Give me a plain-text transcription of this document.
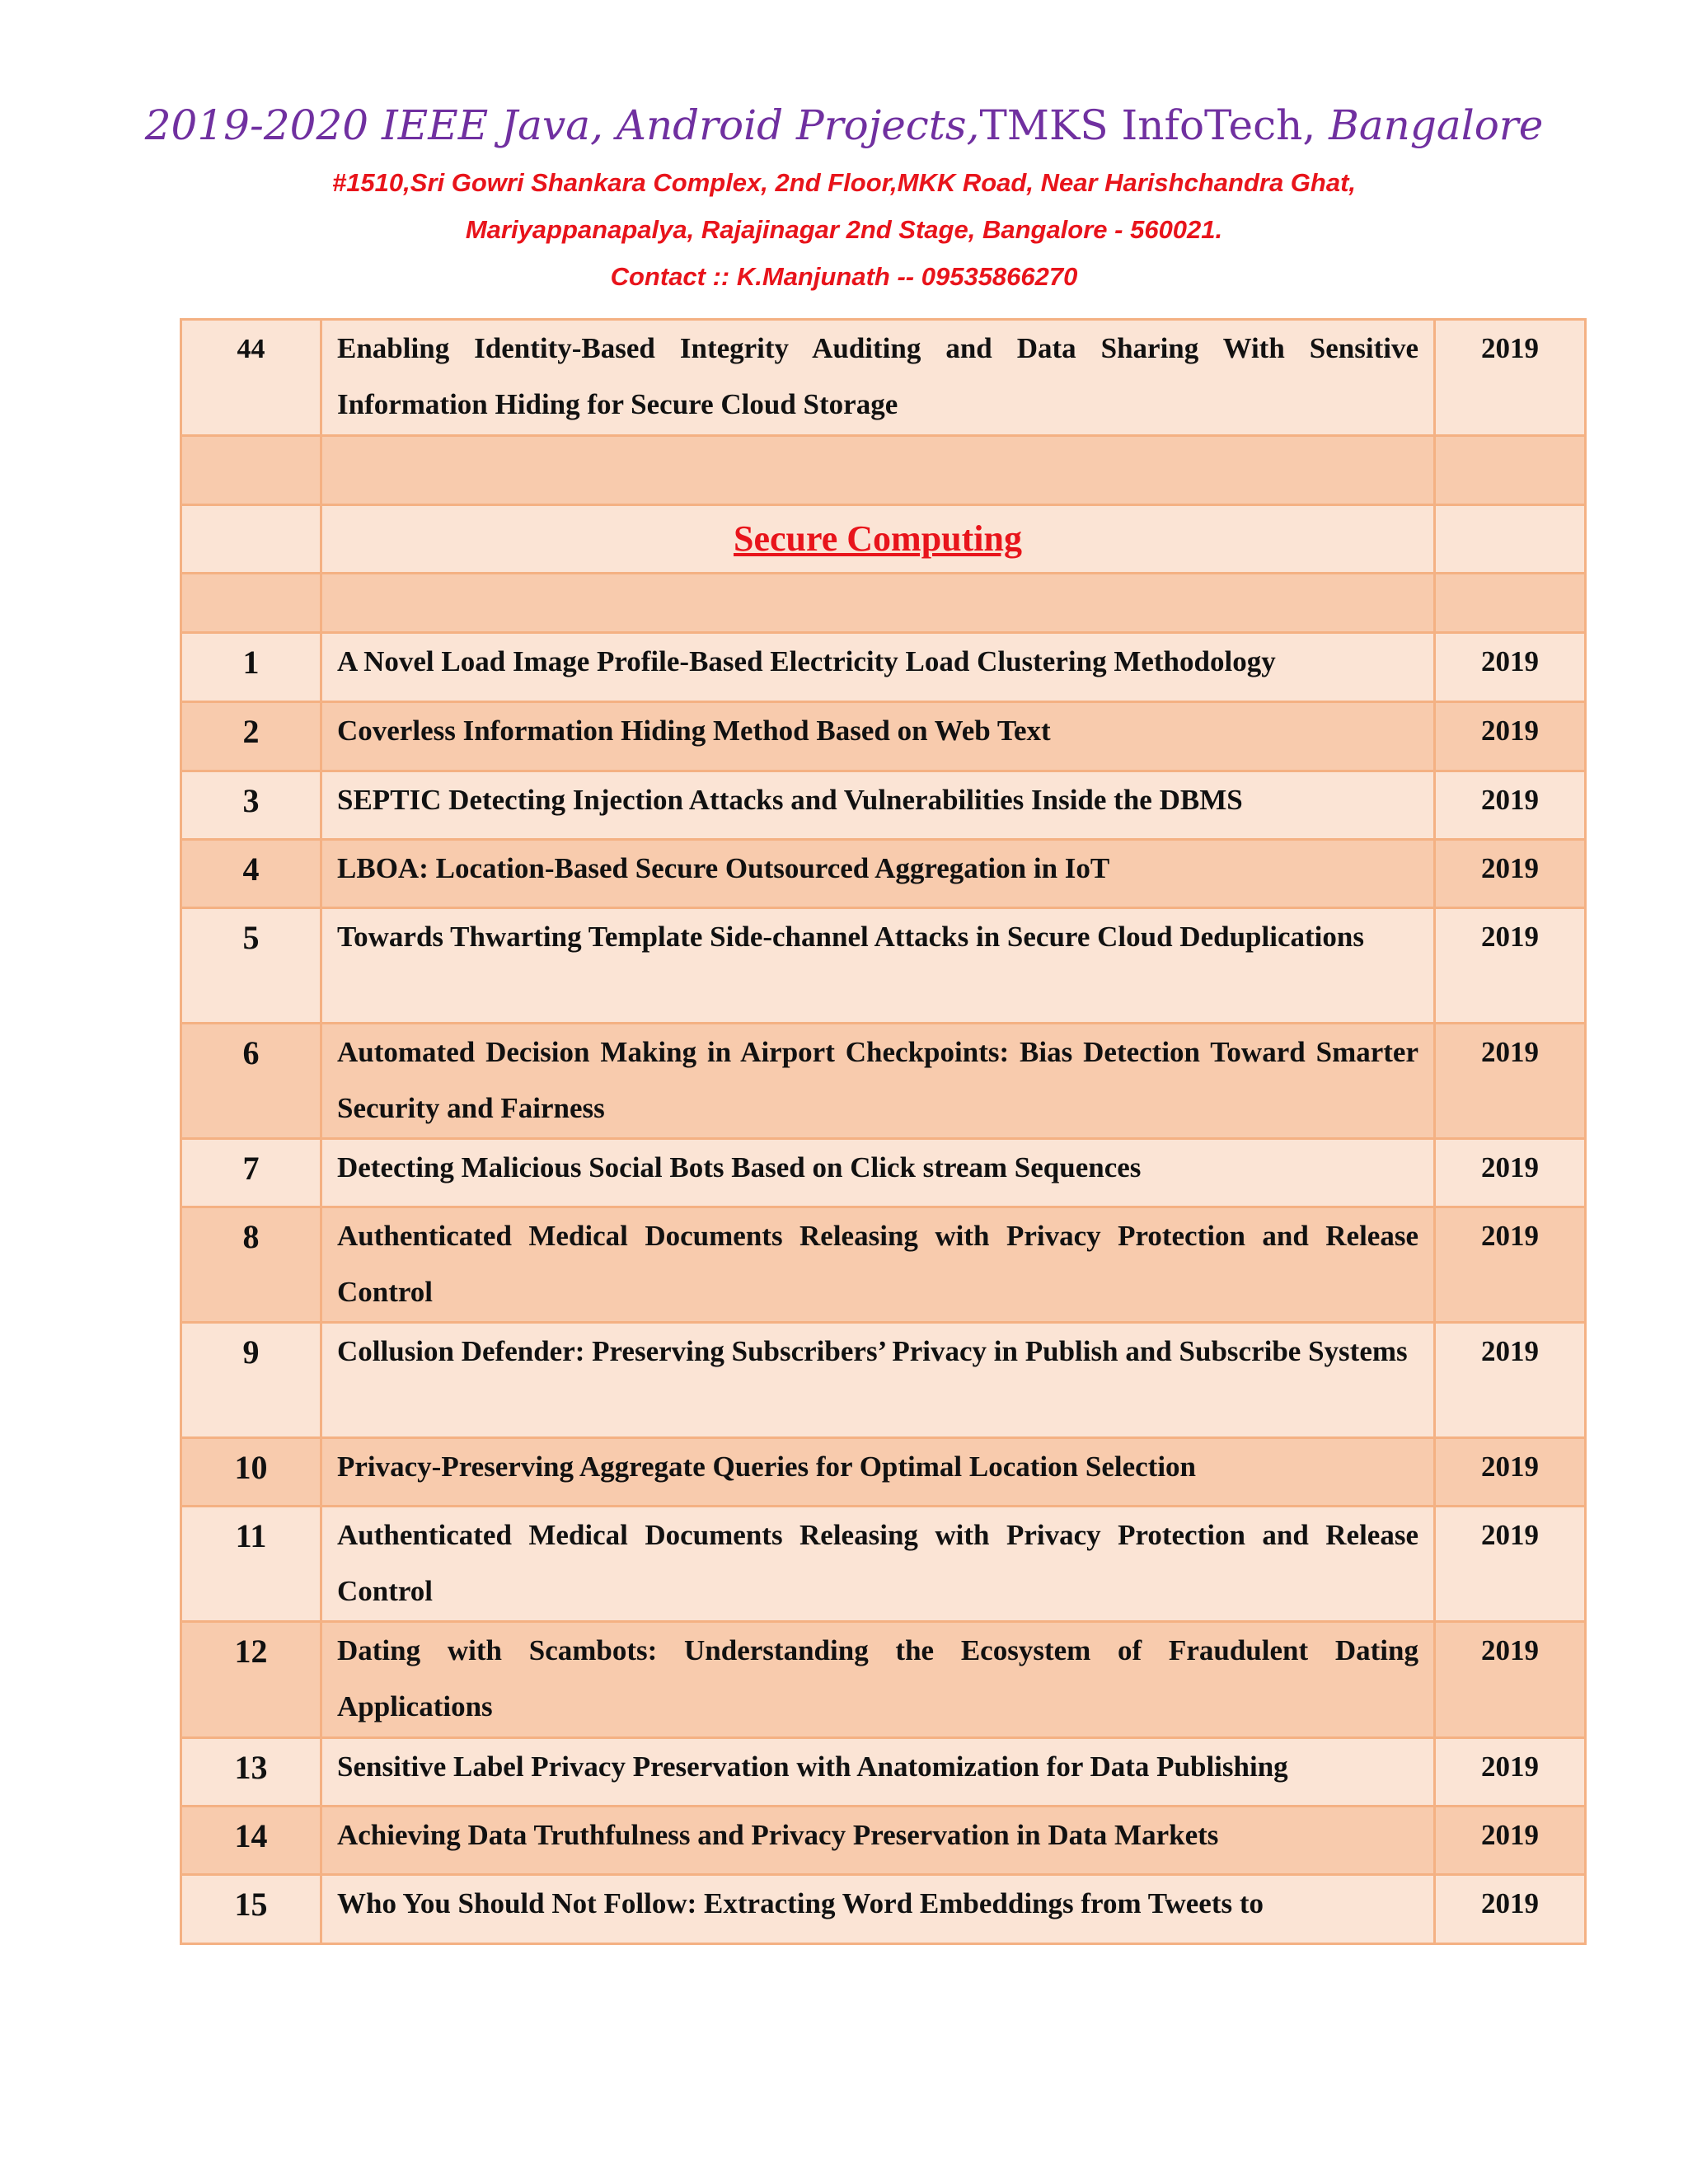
2019-2020 IEEE Java, Android Projects,TMKS InfoTech, Bangalore
#1510,Sri Gowri Shankara Complex, 2nd Floor,MKK Road, Near Harishchandra Ghat,
Mariyappanapalya, Rajajinagar 2nd Stage, Bangalore - 560021.
Contact :: K.Manjunath -- 09535866270
44	Enabling Identity-Based Integrity Auditing and Data Sharing With Sensitive Information Hiding for Secure Cloud Storage	2019

	Secure Computing	

1	A Novel Load Image Profile-Based Electricity Load Clustering Methodology	2019
2	Coverless Information Hiding Method Based on Web Text	2019
3	SEPTIC Detecting Injection Attacks and Vulnerabilities Inside the DBMS	2019
4	LBOA: Location-Based Secure Outsourced Aggregation in IoT	2019
5	Towards Thwarting Template Side-channel Attacks in Secure Cloud Deduplications	2019
6	Automated Decision Making in Airport Checkpoints: Bias Detection Toward Smarter Security and Fairness	2019
7	Detecting Malicious Social Bots Based on Click stream Sequences	2019
8	Authenticated Medical Documents Releasing with Privacy Protection and Release Control	2019
9	Collusion Defender: Preserving Subscribers’ Privacy in Publish and Subscribe Systems	2019
10	Privacy-Preserving Aggregate Queries for Optimal Location Selection	2019
11	Authenticated Medical Documents Releasing with Privacy Protection and Release Control	2019
12	Dating with Scambots: Understanding the Ecosystem of Fraudulent Dating Applications	2019
13	Sensitive Label Privacy Preservation with Anatomization for Data Publishing	2019
14	Achieving Data Truthfulness and Privacy Preservation in Data Markets	2019
15	Who You Should Not Follow: Extracting Word Embeddings from Tweets to	2019
